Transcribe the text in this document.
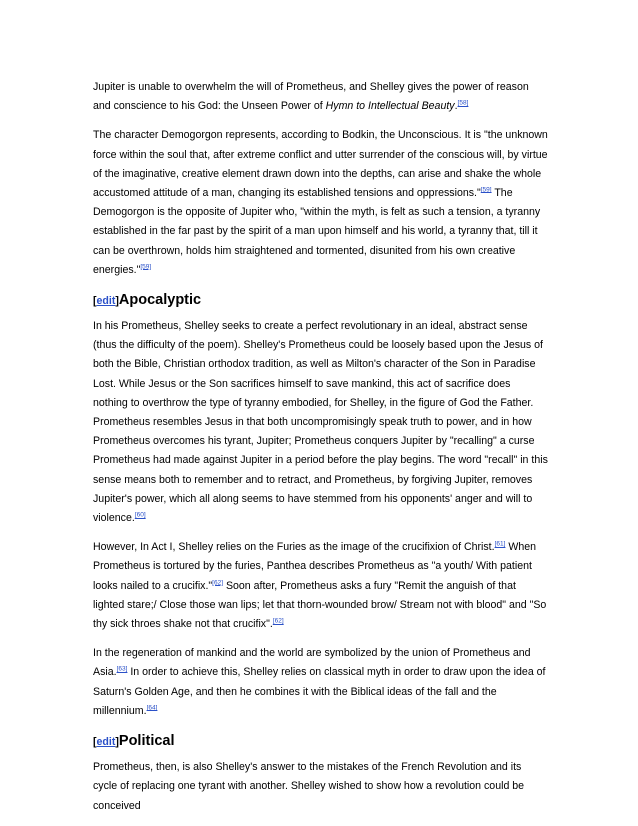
Jupiter is unable to overwhelm the will of Prometheus, and Shelley gives the power of reason and conscience to his God: the Unseen Power of Hymn to Intellectual Beauty.[58]

The character Demogorgon represents, according to Bodkin, the Unconscious. It is "the unknown force within the soul that, after extreme conflict and utter surrender of the conscious will, by virtue of the imaginative, creative element drawn down into the depths, can arise and shake the whole accustomed attitude of a man, changing its established tensions and oppressions."[59] The Demogorgon is the opposite of Jupiter who, "within the myth, is felt as such a tension, a tyranny established in the far past by the spirit of a man upon himself and his world, a tyranny that, till it can be overthrown, holds him straightened and tormented, disunited from his own creative energies."[59]

[edit]Apocalyptic

In his Prometheus, Shelley seeks to create a perfect revolutionary in an ideal, abstract sense (thus the difficulty of the poem). Shelley's Prometheus could be loosely based upon the Jesus of both the Bible, Christian orthodox tradition, as well as Milton's character of the Son in Paradise Lost. While Jesus or the Son sacrifices himself to save mankind, this act of sacrifice does nothing to overthrow the type of tyranny embodied, for Shelley, in the figure of God the Father. Prometheus resembles Jesus in that both uncompromisingly speak truth to power, and in how Prometheus overcomes his tyrant, Jupiter; Prometheus conquers Jupiter by "recalling" a curse Prometheus had made against Jupiter in a period before the play begins. The word "recall" in this sense means both to remember and to retract, and Prometheus, by forgiving Jupiter, removes Jupiter's power, which all along seems to have stemmed from his opponents' anger and will to violence.[60]

However, In Act I, Shelley relies on the Furies as the image of the crucifixion of Christ.[61] When Prometheus is tortured by the furies, Panthea describes Prometheus as "a youth/ With patient looks nailed to a crucifix."[62] Soon after, Prometheus asks a fury "Remit the anguish of that lighted stare;/ Close those wan lips; let that thorn-wounded brow/ Stream not with blood" and "So thy sick throes shake not that crucifix".[62]

In the regeneration of mankind and the world are symbolized by the union of Prometheus and Asia.[63] In order to achieve this, Shelley relies on classical myth in order to draw upon the idea of Saturn's Golden Age, and then he combines it with the Biblical ideas of the fall and the millennium.[64]

[edit]Political

Prometheus, then, is also Shelley's answer to the mistakes of the French Revolution and its cycle of replacing one tyrant with another. Shelley wished to show how a revolution could be conceived
